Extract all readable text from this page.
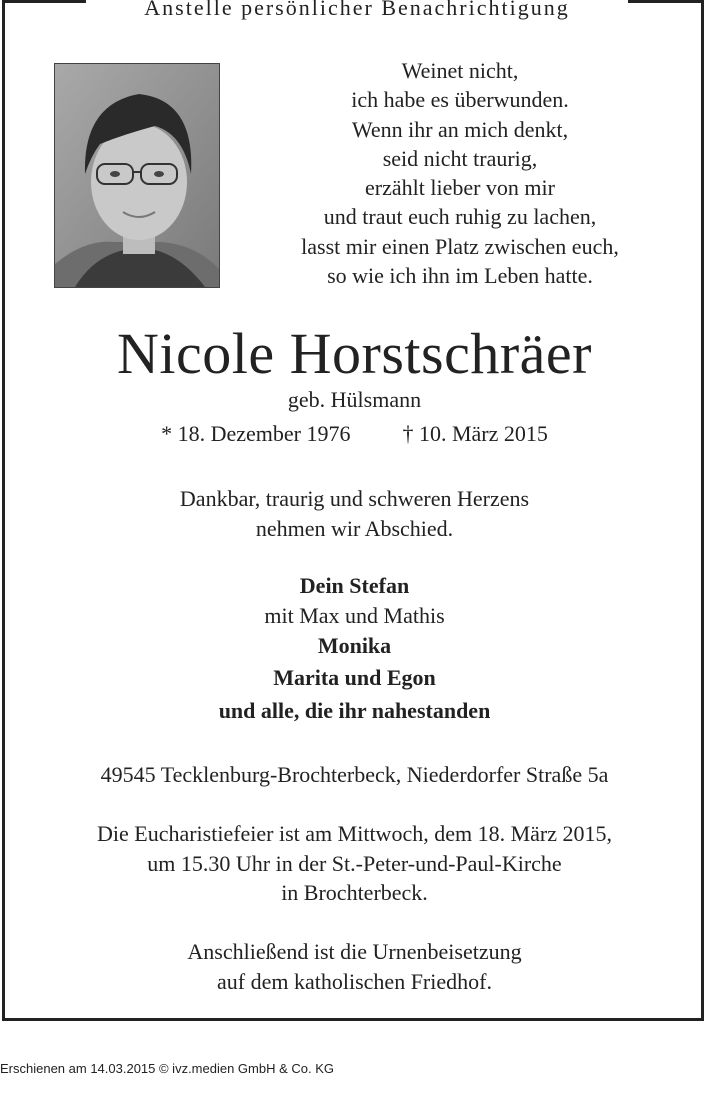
Anstelle persönlicher Benachrichtigung
Weinet nicht,
ich habe es überwunden.
Wenn ihr an mich denkt,
seid nicht traurig,
erzählt lieber von mir
und traut euch ruhig zu lachen,
lasst mir einen Platz zwischen euch,
so wie ich ihn im Leben hatte.
Nicole Horstschräer
geb. Hülsmann
* 18. Dezember 1976 † 10. März 2015
Dankbar, traurig und schweren Herzens
nehmen wir Abschied.
Dein Stefan
mit Max und Mathis
Monika
Marita und Egon
und alle, die ihr nahestanden
49545 Tecklenburg-Brochterbeck, Niederdorfer Straße 5a
Die Eucharistiefeier ist am Mittwoch, dem 18. März 2015,
um 15.30 Uhr in der St.-Peter-und-Paul-Kirche
in Brochterbeck.
Anschließend ist die Urnenbeisetzung
auf dem katholischen Friedhof.
Erschienen am 14.03.2015 © ivz.medien GmbH & Co. KG
